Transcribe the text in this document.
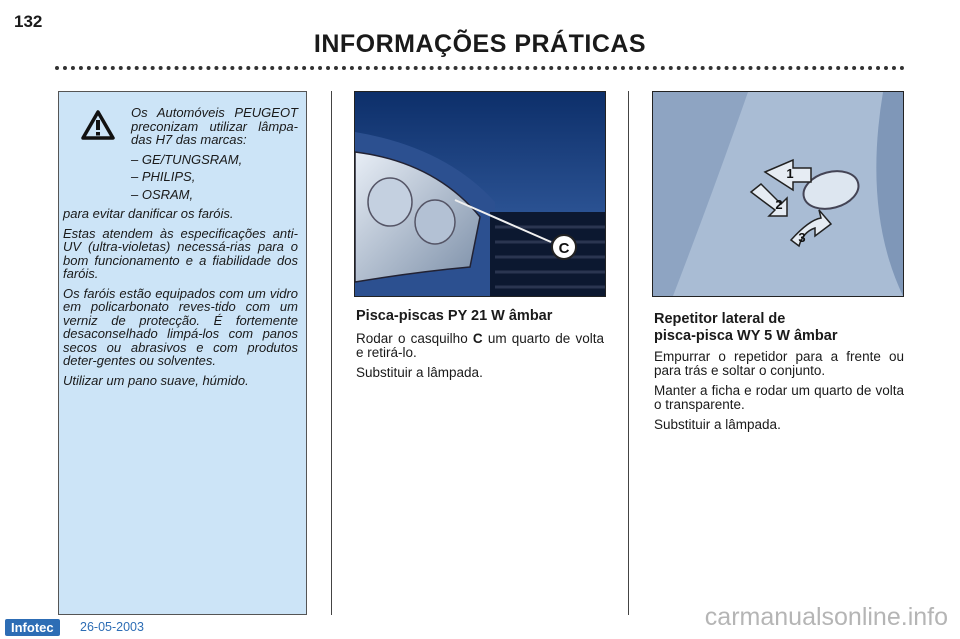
132
INFORMAÇÕES PRÁTICAS

Os Automóveis PEUGEOT preconizam utilizar lâmpa-das H7 das marcas:

– GE/TUNGSRAM,
– PHILIPS,
– OSRAM,

para evitar danificar os faróis.

Estas atendem às especificações anti-UV (ultra-violetas) necessá-rias para o bom funcionamento e a fiabilidade dos faróis.

Os faróis estão equipados com um vidro em policarbonato reves-tido com um verniz de protecção. É fortemente desaconselhado limpá-los com panos secos ou abrasivos e com produtos deter-gentes ou solventes.

Utilizar um pano suave, húmido.

C
Pisca-piscas PY 21 W âmbar

Rodar o casquilho C um quarto de volta e retirá-lo.

Substituir a lâmpada.

1
2
3
Repetitor lateral de
pisca-pisca WY 5 W âmbar

Empurrar o repetidor para a frente ou para trás e soltar o conjunto.

Manter a ficha e rodar um quarto de volta o transparente.

Substituir a lâmpada.

Infotec	26-05-2003	carmanualsonline.info
